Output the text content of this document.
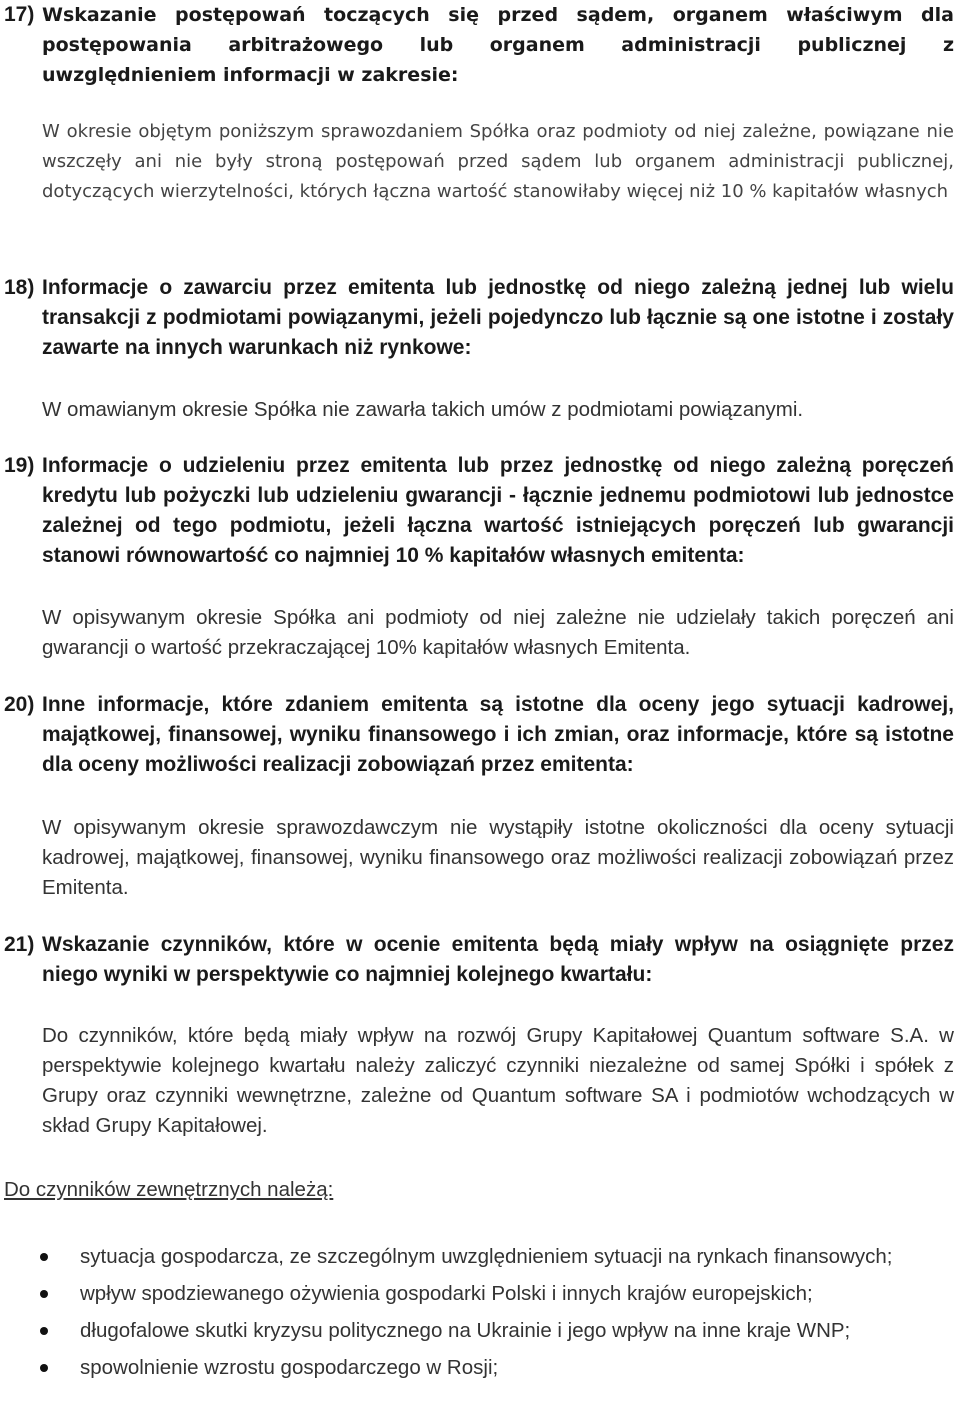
17) Wskazanie postępowań toczących się przed sądem, organem właściwym dla postępowania arbitrażowego lub organem administracji publicznej z uwzględnieniem informacji w zakresie:
W okresie objętym poniższym sprawozdaniem Spółka oraz podmioty od niej zależne, powiązane nie wszczęły ani nie były stroną postępowań przed sądem lub organem administracji publicznej, dotyczących wierzytelności, których łączna wartość stanowiłaby więcej niż 10 % kapitałów własnych
18) Informacje o zawarciu przez emitenta lub jednostkę od niego zależną jednej lub wielu transakcji z podmiotami powiązanymi, jeżeli pojedynczo lub łącznie są one istotne i zostały zawarte na innych warunkach niż rynkowe:
W omawianym okresie Spółka nie zawarła takich umów z podmiotami powiązanymi.
19) Informacje o udzieleniu przez emitenta lub przez jednostkę od niego zależną poręczeń kredytu lub pożyczki lub udzieleniu gwarancji - łącznie jednemu podmiotowi lub jednostce zależnej od tego podmiotu, jeżeli łączna wartość istniejących poręczeń lub gwarancji stanowi równowartość co najmniej 10 % kapitałów własnych emitenta:
W opisywanym okresie Spółka ani podmioty od niej zależne nie udzielały takich poręczeń ani gwarancji o wartość przekraczającej 10% kapitałów własnych Emitenta.
20) Inne informacje, które zdaniem emitenta są istotne dla oceny jego sytuacji kadrowej, majątkowej, finansowej, wyniku finansowego i ich zmian, oraz informacje, które są istotne dla oceny możliwości realizacji zobowiązań przez emitenta:
W opisywanym okresie sprawozdawczym nie wystąpiły istotne okoliczności dla oceny sytuacji kadrowej, majątkowej, finansowej, wyniku finansowego oraz możliwości realizacji zobowiązań przez Emitenta.
21) Wskazanie czynników, które w ocenie emitenta będą miały wpływ na osiągnięte przez niego wyniki w perspektywie co najmniej kolejnego kwartału:
Do czynników, które będą miały wpływ na rozwój Grupy Kapitałowej Quantum software S.A. w perspektywie kolejnego kwartału należy zaliczyć czynniki niezależne od samej Spółki i spółek z Grupy oraz czynniki wewnętrzne, zależne od Quantum software SA i podmiotów wchodzących w skład Grupy Kapitałowej.
Do czynników zewnętrznych należą:
sytuacja gospodarcza, ze szczególnym uwzględnieniem sytuacji na rynkach finansowych;
wpływ spodziewanego ożywienia gospodarki Polski i innych krajów europejskich;
długofalowe skutki kryzysu politycznego na Ukrainie i jego wpływ na inne kraje WNP;
spowolnienie wzrostu gospodarczego w Rosji;
